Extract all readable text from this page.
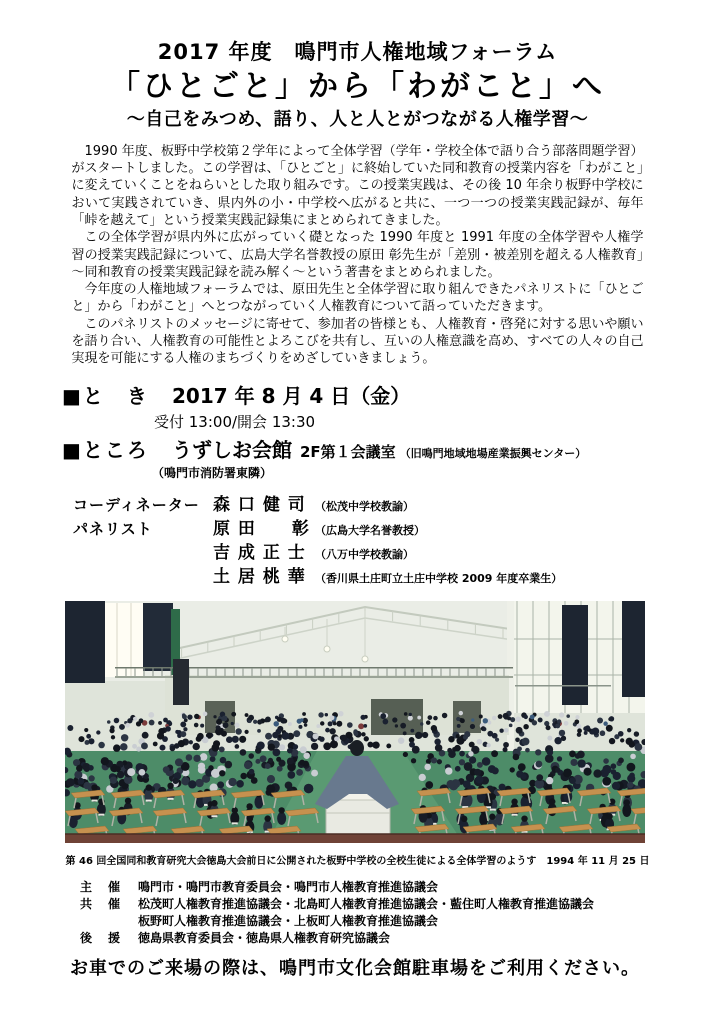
2017 年度　鳴門市人権地域フォーラム
「ひとごと」から「わがこと」へ
～自己をみつめ、語り、人と人とがつながる人権学習～

1990 年度、板野中学校第２学年によって全体学習（学年・学校全体で語り合う部落問題学習）がスタートしました。この学習は、「ひとごと」に終始していた同和教育の授業内容を「わがこと」に変えていくことをねらいとした取り組みです。この授業実践は、その後 10 年余り板野中学校において実践されていき、県内外の小・中学校へ広がると共に、一つ一つの授業実践記録が、毎年「峠を越えて」という授業実践記録集にまとめられてきました。

この全体学習が県内外に広がっていく礎となった 1990 年度と 1991 年度の全体学習や人権学習の授業実践記録について、広島大学名誉教授の原田 彰先生が「差別・被差別を超える人権教育」～同和教育の授業実践記録を読み解く～という著書をまとめられました。

今年度の人権地域フォーラムでは、原田先生と全体学習に取り組んできたパネリストに「ひとごと」から「わがこと」へとつながっていく人権教育について語っていただきます。

このパネリストのメッセージに寄せて、参加者の皆様とも、人権教育・啓発に対する思いや願いを語り合い、人権教育の可能性とよろこびを共有し、互いの人権意識を高め、すべての人々の自己実現を可能にする人権のまちづくりをめざしていきましょう。

■と　き	2017 年 8 月 4 日（金）
受付 13:00/開会 13:30
■ところ	うずしお会館 2F第１会議室 （旧鳴門地域地場産業振興センター）
（鳴門市消防署東隣）
コーディネーター 森 口 健 司 （松茂中学校教諭）
パネリスト	原 田　　彰 （広島大学名誉教授）
吉 成 正 士 （八万中学校教諭）
土 居 桃 華 （香川県土庄町立土庄中学校 2009 年度卒業生）
第 46 回全国同和教育研究大会徳島大会前日に公開された板野中学校の全校生徒による全体学習のようす　1994 年 11 月 25 日
主　催	鳴門市・鳴門市教育委員会・鳴門市人権教育推進協議会
共　催	松茂町人権教育推進協議会・北島町人権教育推進協議会・藍住町人権教育推進協議会
板野町人権教育推進協議会・上板町人権教育推進協議会
後　援	徳島県教育委員会・徳島県人権教育研究協議会
お車でのご来場の際は、鳴門市文化会館駐車場をご利用ください。
